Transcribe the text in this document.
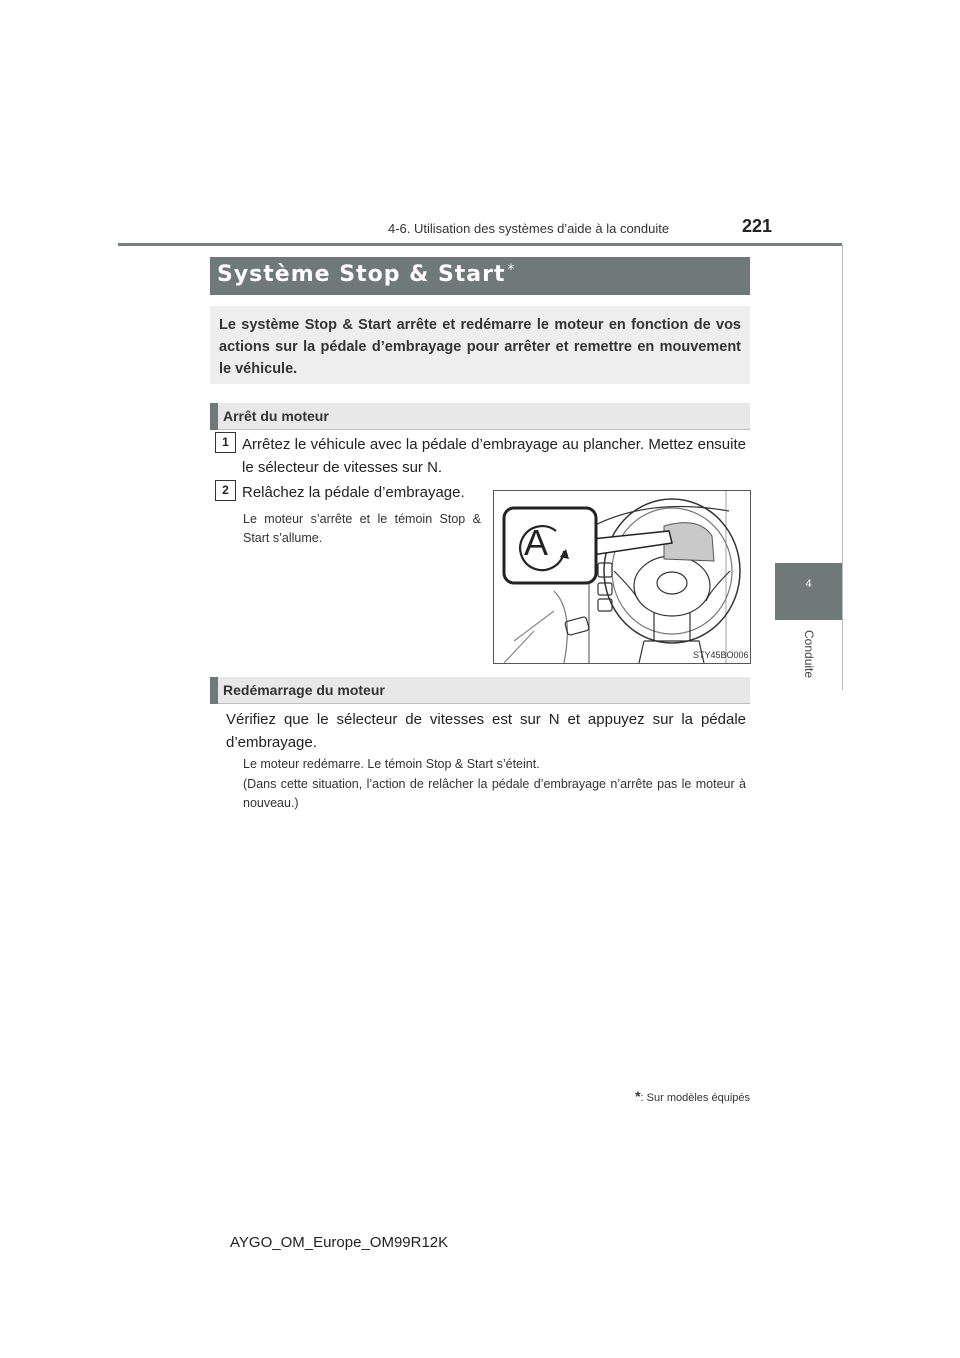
4-6. Utilisation des systèmes d’aide à la conduite	221
4
Conduite
Système Stop & Start *
Le système Stop & Start arrête et redémarre le moteur en fonction de vos actions sur la pédale d’embrayage pour arrêter et remettre en mouvement le véhicule.
Arrêt du moteur
1 Arrêtez le véhicule avec la pédale d’embrayage au plancher. Mettez ensuite le sélecteur de vitesses sur N.
2 Relâchez la pédale d’embrayage.
Le moteur s’arrête et le témoin Stop & Start s’allume.	A
STY45BO006
Redémarrage du moteur
Vérifiez que le sélecteur de vitesses est sur N et appuyez sur la pédale d’embrayage.
Le moteur redémarre. Le témoin Stop & Start s’éteint.
(Dans cette situation, l’action de relâcher la pédale d’embrayage n’arrête pas le moteur à nouveau.)
*: Sur modèles équipés
AYGO_OM_Europe_OM99R12K
